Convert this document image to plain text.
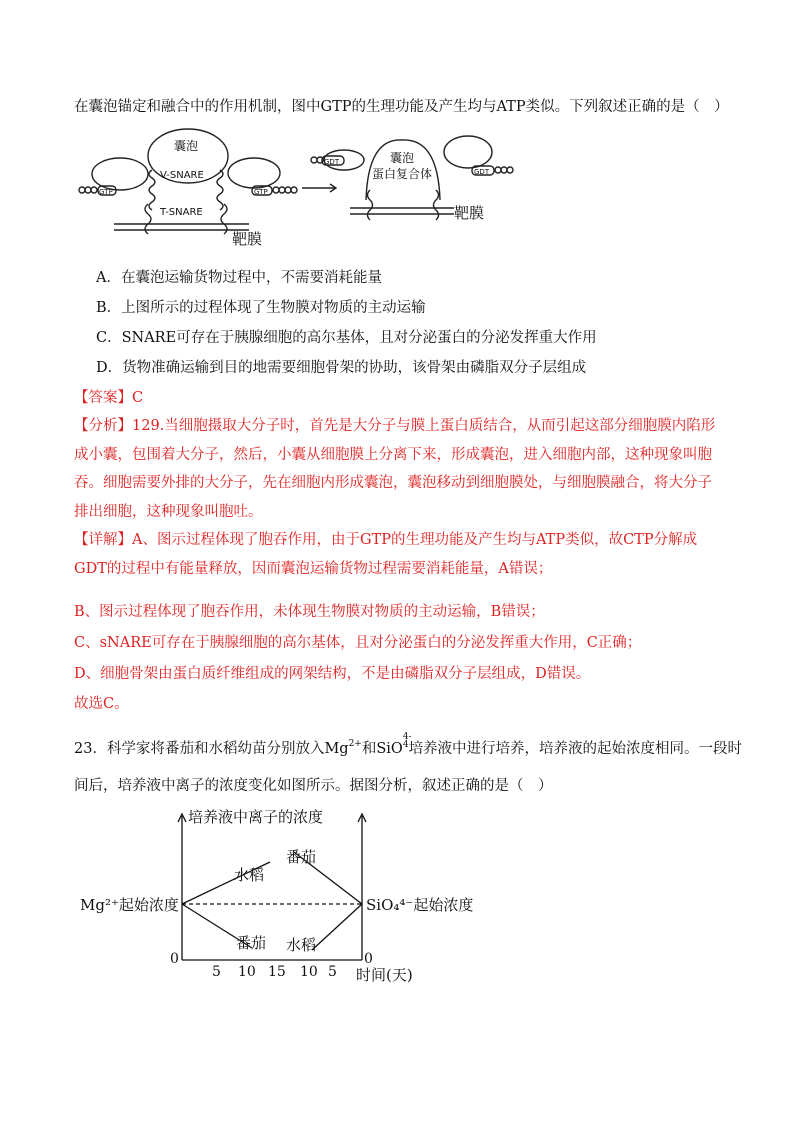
在囊泡锚定和融合中的作用机制，图中GTP的生理功能及产生均与ATP类似。下列叙述正确的是（　）
囊泡
V-SNARE
GTP	GTP
T-SNARE
靶膜
GDT
GDT
囊泡
蛋白复合体
靶膜
A．在囊泡运输货物过程中，不需要消耗能量
B．上图所示的过程体现了生物膜对物质的主动运输
C．SNARE可存在于胰腺细胞的高尔基体，且对分泌蛋白的分泌发挥重大作用
D．货物准确运输到目的地需要细胞骨架的协助，该骨架由磷脂双分子层组成
【答案】C
【分析】129.当细胞摄取大分子时，首先是大分子与膜上蛋白质结合，从而引起这部分细胞膜内陷形成小囊，包围着大分子，然后，小囊从细胞膜上分离下来，形成囊泡，进入细胞内部，这种现象叫胞吞。细胞需要外排的大分子，先在细胞内形成囊泡，囊泡移动到细胞膜处，与细胞膜融合，将大分子排出细胞，这种现象叫胞吐。
【详解】A、图示过程体现了胞吞作用，由于GTP的生理功能及产生均与ATP类似，故CTP分解成GDT的过程中有能量释放，因而囊泡运输货物过程需要消耗能量，A错误；
B、图示过程体现了胞吞作用，未体现生物膜对物质的主动运输，B错误；
C、sNARE可存在于胰腺细胞的高尔基体，且对分泌蛋白的分泌发挥重大作用，C正确；
D、细胞骨架由蛋白质纤维组成的网架结构，不是由磷脂双分子层组成，D错误。
故选C。
23．科学家将番茄和水稻幼苗分别放入$Mg^{2+}$和SiO
4-
$^4$培养液中进行培养，培养液的起始浓度相同。一段时
间后，培养液中离子的浓度变化如图所示。据图分析，叙述正确的是（　）
培养液中离子的浓度
水稻
番茄
番茄
水稻
Mg²⁺起始浓度	SiO₄⁴⁻起始浓度
0
5 10 15 10 5
0
时间(天)
